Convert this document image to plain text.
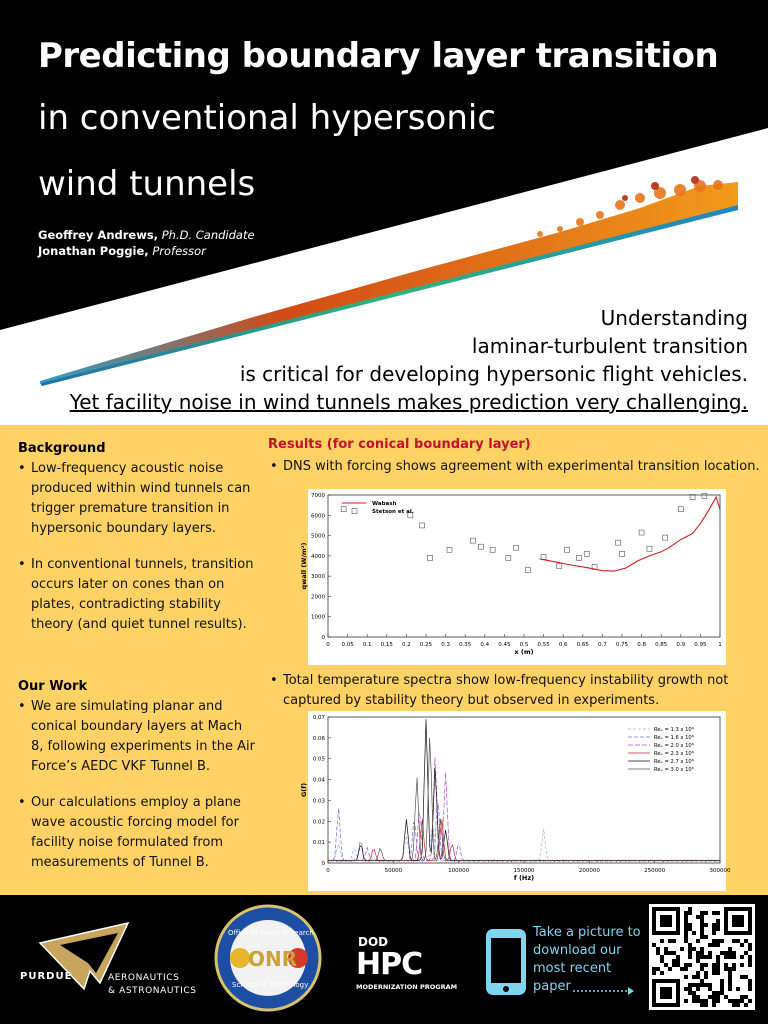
Predicting boundary layer transition
in conventional hypersonic
wind tunnels
Geoffrey Andrews, Ph.D. Candidate
Jonathan Poggie, Professor
Understanding
laminar-turbulent transition
is critical for developing hypersonic flight vehicles.
Yet facility noise in wind tunnels makes prediction very challenging.
Background
• Low-frequency acoustic noise produced within wind tunnels can trigger premature transition in hypersonic boundary layers.
• In conventional tunnels, transition occurs later on cones than on plates, contradicting stability theory (and quiet tunnel results).
Our Work
• We are simulating planar and conical boundary layers at Mach 8, following experiments in the Air Force’s AEDC VKF Tunnel B.
• Our calculations employ a plane wave acoustic forcing model for facility noise formulated from measurements of Tunnel B.
Results (for conical boundary layer)
• DNS with forcing shows agreement with experimental transition location.
0 0.05 0.1 0.15 0.2 0.25 0.3 0.35 0.4 0.45 0.5 0.55 0.6 0.65 0.7 0.75 0.8 0.85 0.9 0.95 1
0
1000
2000
3000
4000
5000
6000
7000
x (m)
qwall (W/m²)
Wabash
Stetson et al.
• Total temperature spectra show low-frequency instability growth not captured by stability theory but observed in experiments.
0	50000	100000	150000	200000	250000	300000
0
0.01
0.02
0.03
0.04
0.05
0.06
0.07
f (Hz)
G(f)
Reₓ = 1.3 x 10⁶
Reₓ = 1.6 x 10⁶
Reₓ = 2.0 x 10⁶
Reₓ = 2.3 x 10⁶
Reₓ = 2.7 x 10⁶
Reₓ = 3.0 x 10⁶
PURDUE	AERONAUTICS
& ASTRONAUTICS
Office of Naval Research
ONR
Science & Technology
DOD
HPC
MODERNIZATION PROGRAM
Take a picture to
download our
most recent
paper
